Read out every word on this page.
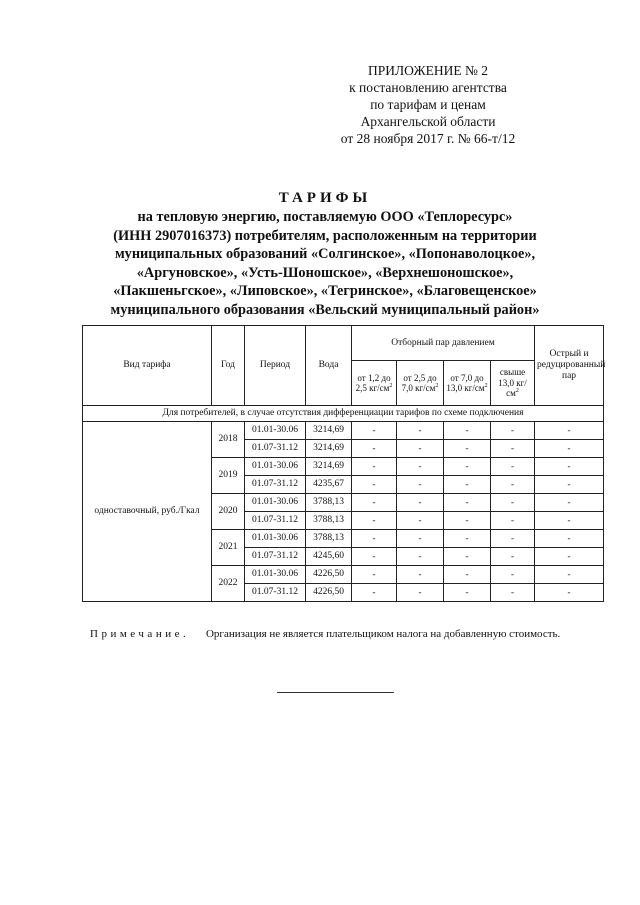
ПРИЛОЖЕНИЕ № 2
к постановлению агентства
по тарифам и ценам
Архангельской области
от 28 ноября 2017 г. № 66-т/12
ТАРИФЫ
на тепловую энергию, поставляемую ООО «Теплоресурс»
(ИНН 2907016373) потребителям, расположенным на территории
муниципальных образований «Солгинское», «Попонаволоцкое»,
«Аргуновское», «Усть-Шоношское», «Верхнешоношское»,
«Пакшеньгское», «Липовское», «Тегринское», «Благовещенское»
муниципального образования «Вельский муниципальный район»
Вид тарифа	Год	Период	Вода	Отборный пар давлением				Острый и редуцированный пар
				от 1,2 до 2,5 $кг/см^2$	от 2,5 до 7,0 $кг/см^2$	от 7,0 до 13,0 $кг/см^2$	свыше 13,0 $кг/см^2$
Для потребителей, в случае отсутствия дифференциации тарифов по схеме подключения								
одноставочный, руб./Гкал	2018	01.01-30.06	3214,69	-	-	-	-	-
		01.07-31.12	3214,69	-	-	-	-	-
	2019	01.01-30.06	3214,69	-	-	-	-	-
		01.07-31.12	4235,67	-	-	-	-	-
	2020	01.01-30.06	3788,13	-	-	-	-	-
		01.07-31.12	3788,13	-	-	-	-	-
	2021	01.01-30.06	3788,13	-	-	-	-	-
		01.07-31.12	4245,60	-	-	-	-	-
	2022	01.01-30.06	4226,50	-	-	-	-	-
		01.07-31.12	4226,50	-	-	-	-	-
Примечание. Организация не является плательщиком налога на добавленную стоимость.
